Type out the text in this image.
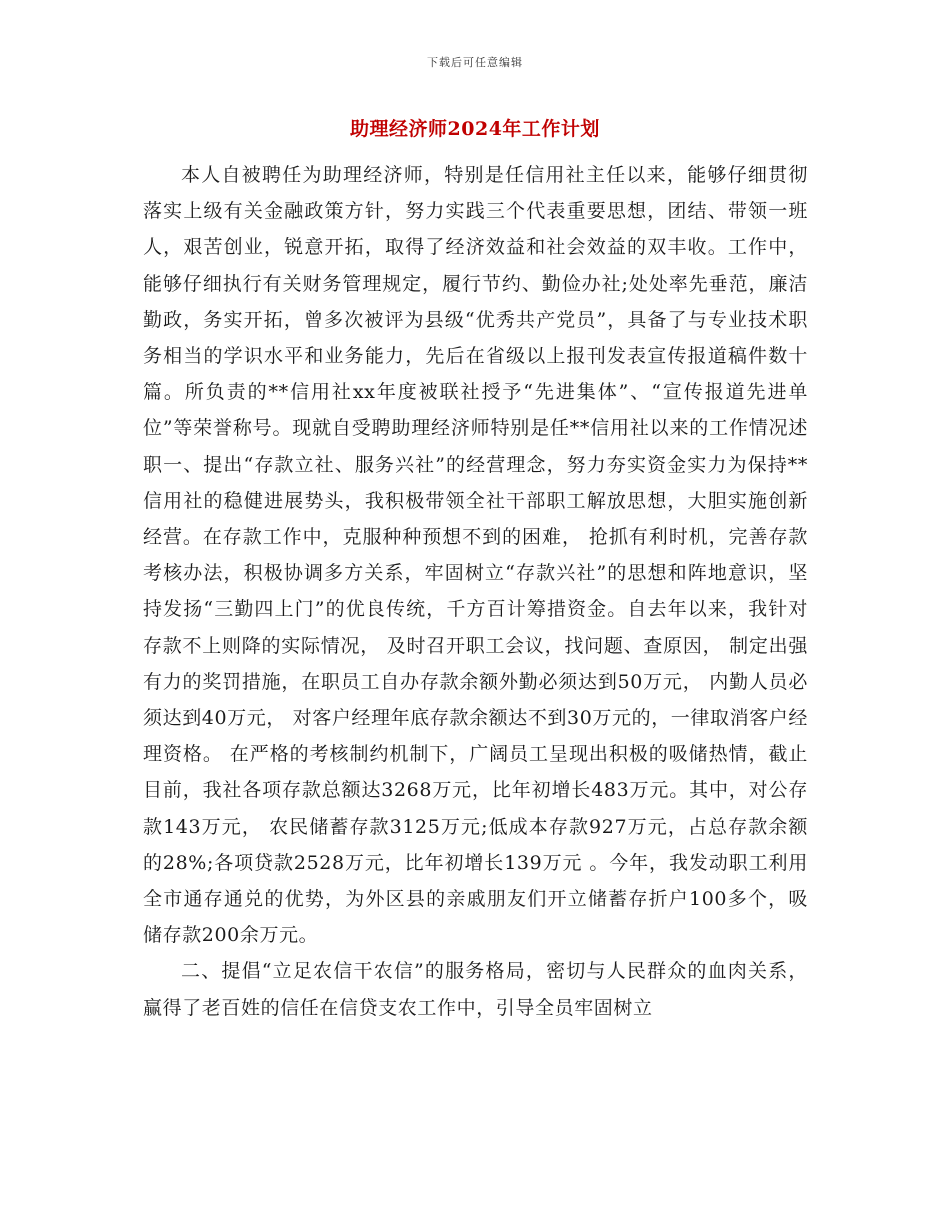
下载后可任意编辑
助理经济师2024年工作计划

本人自被聘任为助理经济师，特别是任信用社主任以来，能够仔细贯彻落实上级有关金融政策方针，努力实践三个代表重要思想，团结、带领一班人，艰苦创业，锐意开拓，取得了经济效益和社会效益的双丰收。工作中，能够仔细执行有关财务管理规定，履行节约、勤俭办社;处处率先垂范，廉洁勤政，务实开拓，曾多次被评为县级“优秀共产党员”，具备了与专业技术职务相当的学识水平和业务能力，先后在省级以上报刊发表宣传报道稿件数十篇。所负责的**信用社xx年度被联社授予“先进集体”、“宣传报道先进单位”等荣誉称号。现就自受聘助理经济师特别是任**信用社以来的工作情况述职一、提出“存款立社、服务兴社”的经营理念，努力夯实资金实力为保持**信用社的稳健进展势头，我积极带领全社干部职工解放思想，大胆实施创新经营。在存款工作中，克服种种预想不到的困难， 抢抓有利时机，完善存款考核办法，积极协调多方关系，牢固树立“存款兴社”的思想和阵地意识，坚持发扬“三勤四上门”的优良传统，千方百计筹措资金。自去年以来，我针对存款不上则降的实际情况， 及时召开职工会议，找问题、查原因， 制定出强有力的奖罚措施，在职员工自办存款余额外勤必须达到50万元， 内勤人员必须达到40万元， 对客户经理年底存款余额达不到30万元的，一律取消客户经理资格。 在严格的考核制约机制下，广阔员工呈现出积极的吸储热情，截止目前，我社各项存款总额达3268万元，比年初增长483万元。其中，对公存款143万元， 农民储蓄存款3125万元;低成本存款927万元，占总存款余额的28%;各项贷款2528万元，比年初增长139万元 。今年，我发动职工利用全市通存通兑的优势，为外区县的亲戚朋友们开立储蓄存折户100多个，吸储存款200余万元。

二、提倡“立足农信干农信”的服务格局，密切与人民群众的血肉关系，赢得了老百姓的信任在信贷支农工作中，引导全员牢固树立
